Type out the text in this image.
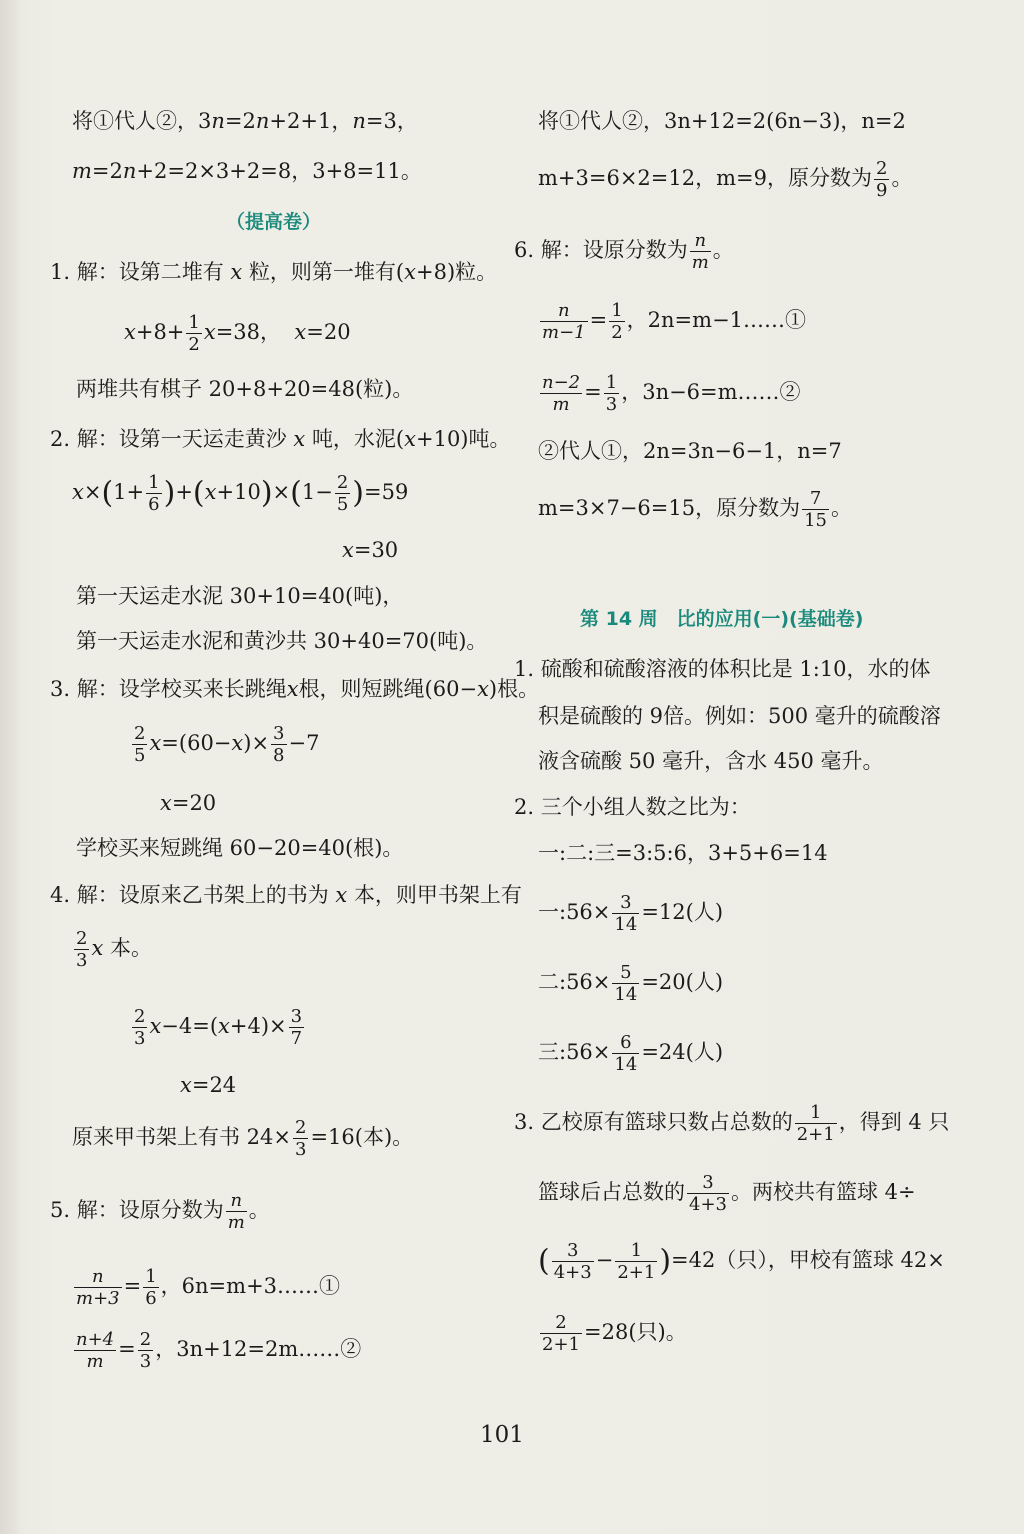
将①代人②，3n=2n+2+1，n=3，
m=2n+2=2×3+2=8，3+8=11。
（提高卷）
1. 解：设第二堆有 x 粒，则第一堆有(x+8)粒。
$x+8+ \frac{1}{2} x=38$， x=20
两堆共有棋子 20+8+20=48(粒)。
2. 解：设第一天运走黄沙 x 吨，水泥(x+10)吨。
$x\times(1+ \frac{1}{6} )+(x+10)\times(1- \frac{2}{5} )=59$
x=30
第一天运走水泥 30+10=40(吨)，
第一天运走水泥和黄沙共 30+40=70(吨)。
3. 解：设学校买来长跳绳x根，则短跳绳(60−x)根。
$\frac{2}{5} x=(60-x)\times \frac{3}{8} -7$
x=20
学校买来短跳绳 60−20=40(根)。
4. 解：设原来乙书架上的书为 x 本，则甲书架上有
$\frac{2}{3}$ x 本。
$\frac{2}{3} x-4=(x+4)\times \frac{3}{7}$
x=24
原来甲书架上有书 $24\times \frac{2}{3} =16$(本)。
5. 解：设原分数为 $\frac{n}{m}$ 。
$\frac{n}{m+3} = \frac{1}{6}$ ，6n=m+3……①
$\frac{n+4}{m} = \frac{2}{3}$ ，3n+12=2m……②
将①代人②，3n+12=2(6n−3)，n=2
m+3=6×2=12，m=9，原分数为 $\frac{2}{9}$ 。
6. 解：设原分数为 $\frac{n}{m}$ 。
$\frac{n}{m-1} = \frac{1}{2}$ ，2n=m−1……①
$\frac{n-2}{m} = \frac{1}{3}$ ，3n−6=m……②
②代人①，2n=3n−6−1，n=7
m=3×7−6=15，原分数为 $\frac{7}{15}$ 。
第 14 周　比的应用(一)(基础卷)
1. 硫酸和硫酸溶液的体积比是 1:10，水的体
积是硫酸的 9倍。例如：500 毫升的硫酸溶
液含硫酸 50 毫升，含水 450 毫升。
2. 三个小组人数之比为：
一:二:三=3:5:6，3+5+6=14
一:56× $\frac{3}{14} =12$(人)
二:56× $\frac{5}{14} =20$(人)
三:56× $\frac{6}{14} =24$(人)
3. 乙校原有篮球只数占总数的 $\frac{1}{2+1}$ ，得到 4 只
篮球后占总数的 $\frac{3}{4+3}$ 。两校共有篮球 4÷
( $\frac{3}{4+3} - \frac{1}{2+1} )=42$（只），甲校有篮球 42×
$\frac{2}{2+1} =28$(只)。
101
